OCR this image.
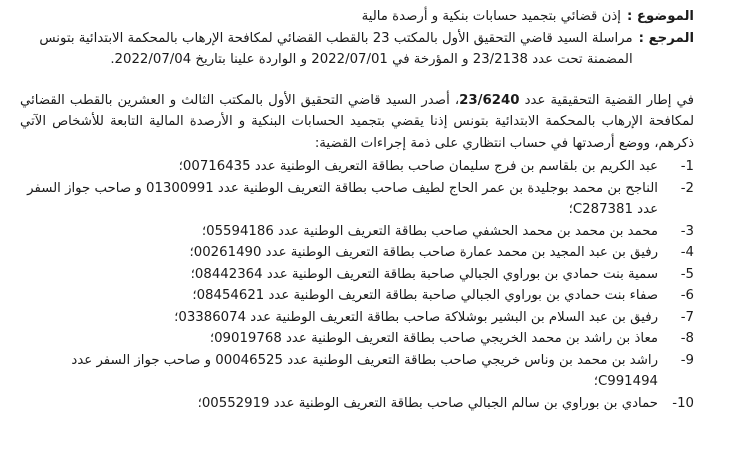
الموضوع :
إذن قضائي بتجميد حسابات بنكية و أرصدة مالية
المرجع :
مراسلة السيد قاضي التحقيق الأول بالمكتب 23 بالقطب القضائي لمكافحة الإرهاب بالمحكمة الابتدائية بتونس المضمنة تحت عدد 23/2138 و المؤرخة في 2022/07/01 و الواردة علينا بتاريخ 2022/07/04.

في إطار القضية التحقيقية عدد 23/6240، أصدر السيد قاضي التحقيق الأول بالمكتب الثالث و العشرين بالقطب القضائي لمكافحة الإرهاب بالمحكمة الابتدائية بتونس إذنا يقضي بتجميد الحسابات البنكية و الأرصدة المالية التابعة للأشخاص الآتي ذكرهم، ووضع أرصدتها في حساب انتظاري على ذمة إجراءات القضية:

-1
عبد الكريم بن بلقاسم بن فرج سليمان صاحب بطاقة التعريف الوطنية عدد 00716435؛
-2
الناجح بن محمد بوجليدة بن عمر الحاج لطيف صاحب بطاقة التعريف الوطنية عدد 01300991 و صاحب جواز السفر عدد C287381؛
-3
محمد بن محمد بن محمد الحشفي صاحب بطاقة التعريف الوطنية عدد 05594186؛
-4
رفيق بن عبد المجيد بن محمد عمارة صاحب بطاقة التعريف الوطنية عدد 00261490؛
-5
سمية بنت حمادي بن بوراوي الجبالي صاحبة بطاقة التعريف الوطنية عدد 08442364؛
-6
صفاء بنت حمادي بن بوراوي الجبالي صاحبة بطاقة التعريف الوطنية عدد 08454621؛
-7
رفيق بن عبد السلام بن البشير بوشلاكة صاحب بطاقة التعريف الوطنية عدد 03386074؛
-8
معاذ بن راشد بن محمد الخريجي صاحب بطاقة التعريف الوطنية عدد 09019768؛
-9
راشد بن محمد بن وناس خريجي صاحب بطاقة التعريف الوطنية عدد 00046525 و صاحب جواز السفر عدد C991494؛
-10
حمادي بن بوراوي بن سالم الجبالي صاحب بطاقة التعريف الوطنية عدد 00552919؛
